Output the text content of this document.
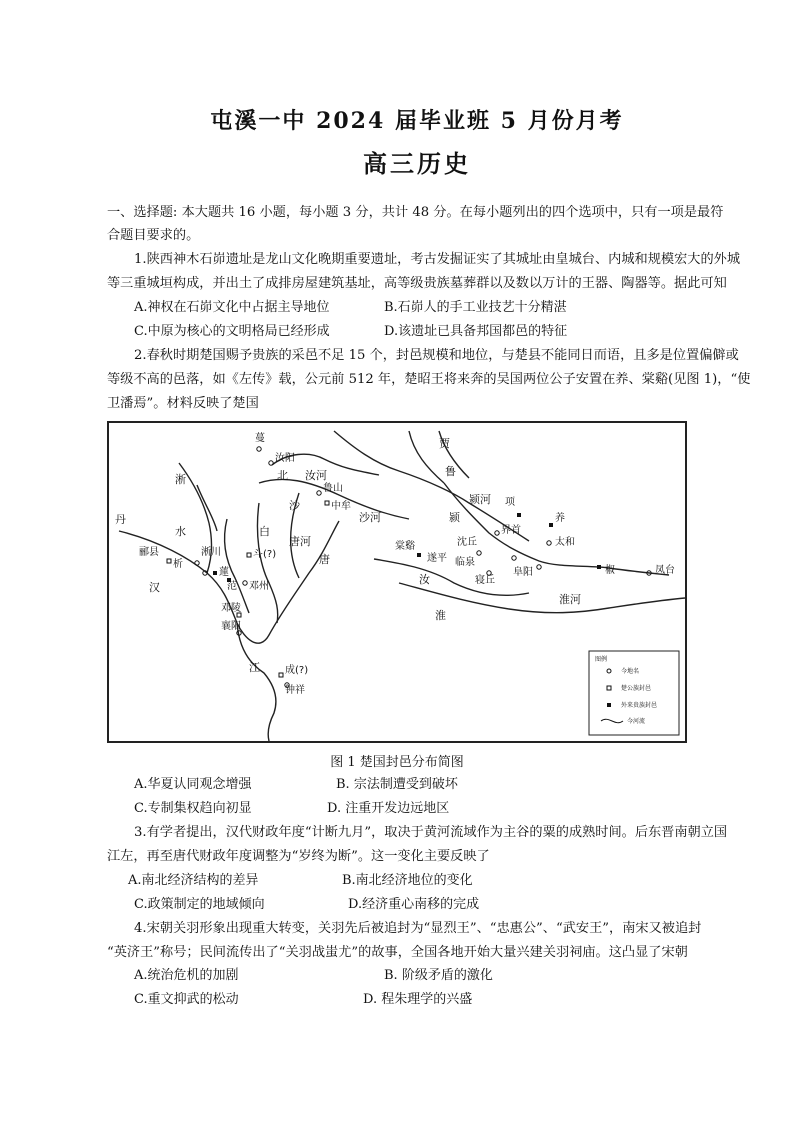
屯溪一中 2024 届毕业班 5 月份月考
高三历史
一、选择题: 本大题共 16 小题，每小题 3 分，共计 48 分。在每小题列出的四个选项中，只有一项是最符
合题目要求的。
1.陕西神木石峁遗址是龙山文化晚期重要遗址，考古发掘证实了其城址由皇城台、内城和规模宏大的外城
等三重城垣构成，并出土了成排房屋建筑基址，高等级贵族墓葬群以及数以万计的王器、陶器等。据此可知
A.神权在石峁文化中占据主导地位	B.石峁人的手工业技艺十分精湛
C.中原为核心的文明格局已经形成	D.该遗址已具备邦国都邑的特征
2.春秋时期楚国赐予贵族的采邑不足 15 个，封邑规模和地位，与楚县不能同日而语，且多是位置偏僻或
等级不高的邑落，如《左传》载，公元前 512 年，楚昭王将来奔的吴国两位公子安置在养、棠谿(见图 1)，“使
卫潘焉”。材料反映了楚国
蔓
汝阳
北
鲁山
中牟
淅
丹
水
郦县
析
淅川
蓮
范
斗(?)
邓州
白
沙
唐
邓陵
襄阳
江	成(?)
钟祥
贾
鲁
项
养
太和
棠谿
遂平 临泉
沈丘
界首
阜阳
颍
淮
椒	凤台
寝丘
汝
汝河
颍河
沙河
唐河
汉
淮河
图例
今地名
楚公族封邑
外来贵族封邑
今河流
图 1 楚国封邑分布简图
A.华夏认同观念增强	B. 宗法制遭受到破坏
C.专制集权趋向初显	D. 注重开发边远地区
3.有学者提出，汉代财政年度“计断九月”，取决于黄河流域作为主谷的粟的成熟时间。后东晋南朝立国
江左，再至唐代财政年度调整为“岁终为断”。这一变化主要反映了
A.南北经济结构的差异	B.南北经济地位的变化
C.政策制定的地域倾向	D.经济重心南移的完成
4.宋朝关羽形象出现重大转变，关羽先后被追封为“显烈王”、“忠惠公”、“武安王”，南宋又被追封
“英济王”称号；民间流传出了“关羽战蚩尤”的故事，全国各地开始大量兴建关羽祠庙。这凸显了宋朝
A.统治危机的加剧	B. 阶级矛盾的激化
C.重文抑武的松动	D. 程朱理学的兴盛
